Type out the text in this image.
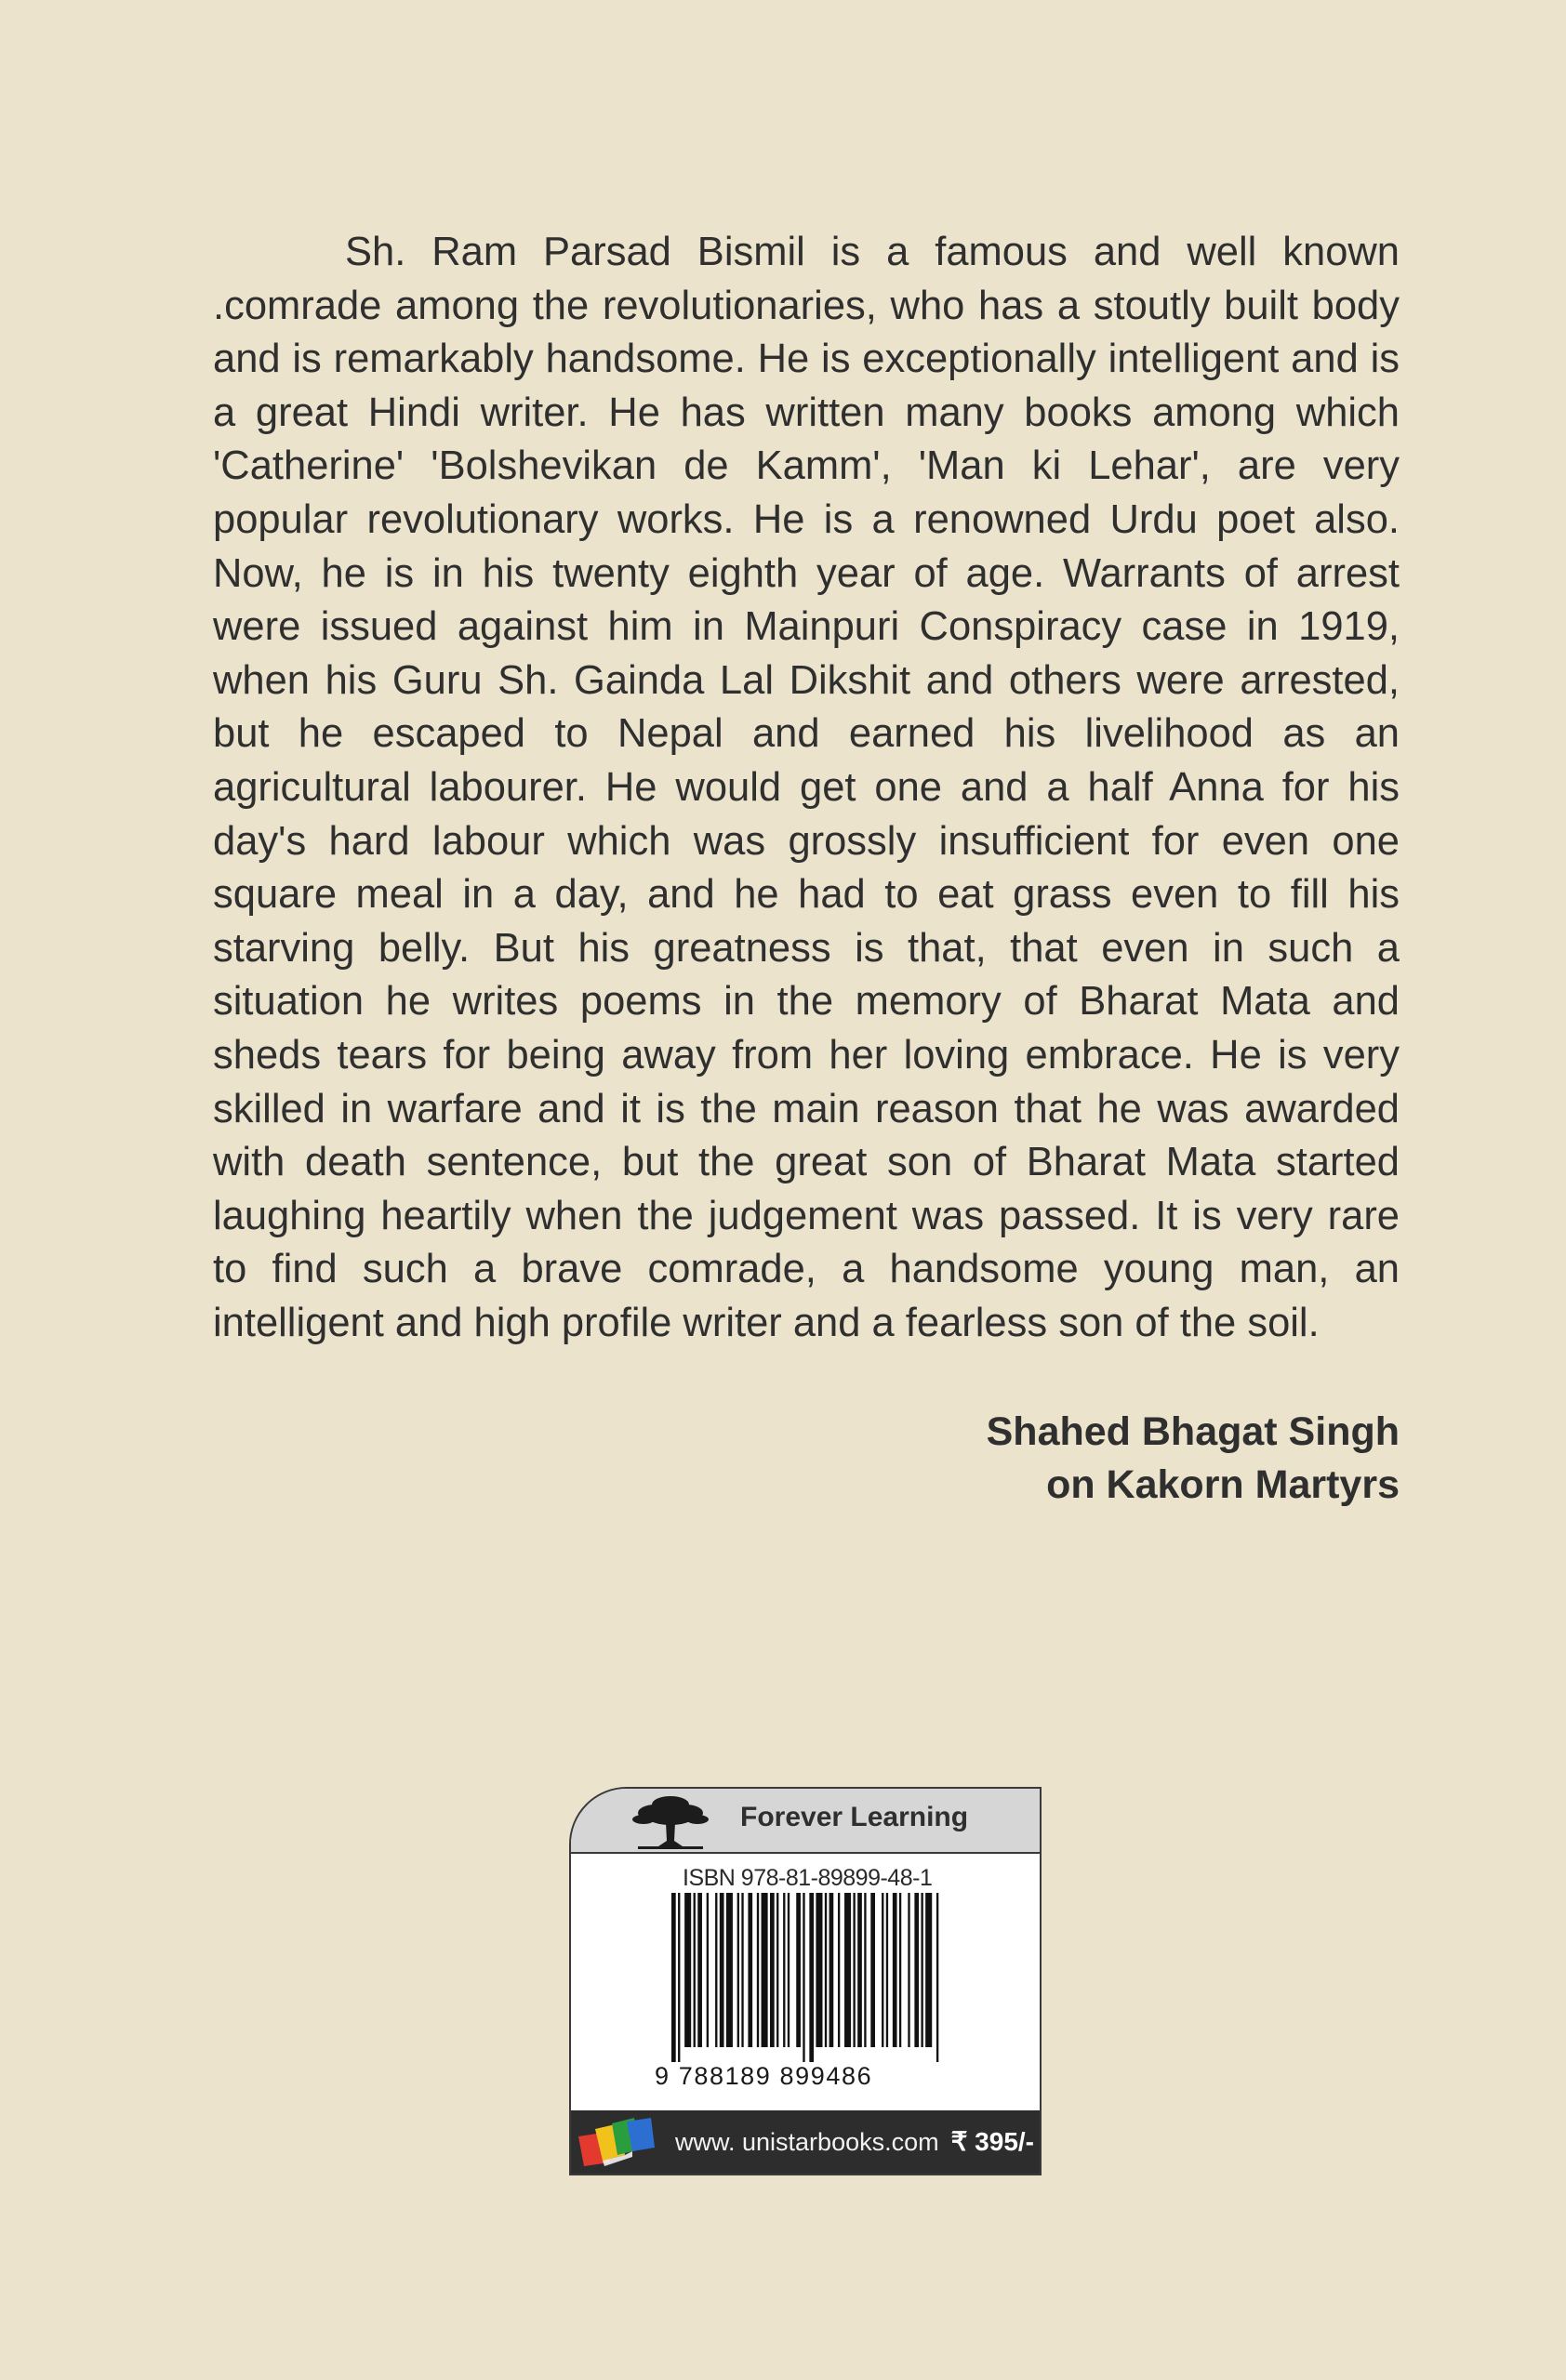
Sh. Ram Parsad Bismil is a famous and well known .comrade among the revolutionaries, who has a stoutly built body and is remarkably handsome. He is exceptionally intelligent and is a great Hindi writer. He has written many books among which 'Catherine' 'Bolshevikan de Kamm', 'Man ki Lehar', are very popular revolutionary works. He is a renowned Urdu poet also. Now, he is in his twenty eighth year of age. Warrants of arrest were issued against him in Mainpuri Conspiracy case in 1919, when his Guru Sh. Gainda Lal Dikshit and others were arrested, but he escaped to Nepal and earned his livelihood as an agricultural labourer. He would get one and a half Anna for his day's hard labour which was grossly insufficient for even one square meal in a day, and he had to eat grass even to fill his starving belly. But his greatness is that, that even in such a situation he writes poems in the memory of Bharat Mata and sheds tears for being away from her loving embrace. He is very skilled in warfare and it is the main reason that he was awarded with death sentence, but the great son of Bharat Mata started laughing heartily when the judgement was passed. It is very rare to find such a brave comrade, a handsome young man, an intelligent and high profile writer and a fearless son of the soil.

Shahed Bhagat Singh
on Kakorn Martyrs
Forever Learning
ISBN 978-81-89899-48-1
9 788189 899486
www. unistarbooks.com ₹ 395/-
